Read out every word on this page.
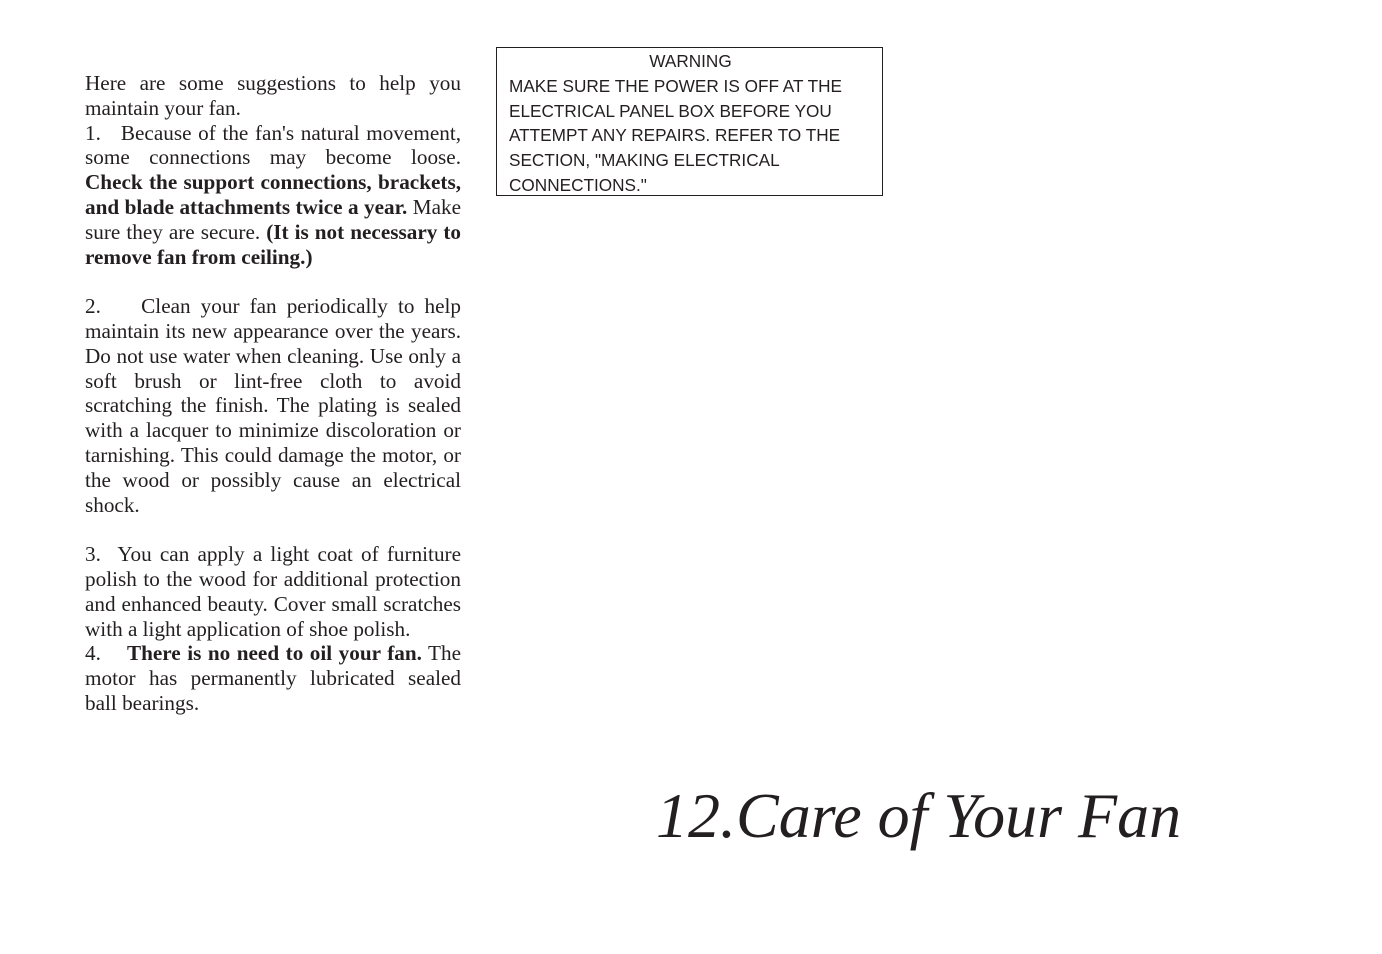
Here are some suggestions to help you maintain your fan.

1.   Because of the fan's natural movement, some connections may become loose. Check the support connections, brackets, and blade attachments twice a year. Make sure they are secure. (It is not necessary to remove fan from ceiling.)

2.    Clean your fan periodically to help maintain its new appearance over the years. Do not use water when cleaning. Use only a soft brush or lint-free cloth to avoid scratching the finish. The plating is sealed with a lacquer to minimize discoloration or tarnishing. This could damage the motor, or the wood or possibly cause an electrical shock.

3.  You can apply a light coat of furniture polish to the wood for additional protection and enhanced beauty. Cover small scratches with a light application of shoe polish.

4.    There is no need to oil your fan. The motor has permanently lubricated sealed ball bearings.

WARNING
MAKE SURE THE POWER IS OFF AT THE
ELECTRICAL PANEL BOX BEFORE YOU
ATTEMPT ANY REPAIRS. REFER TO THE
SECTION, "MAKING ELECTRICAL
CONNECTIONS."
12.Care of Your Fan
